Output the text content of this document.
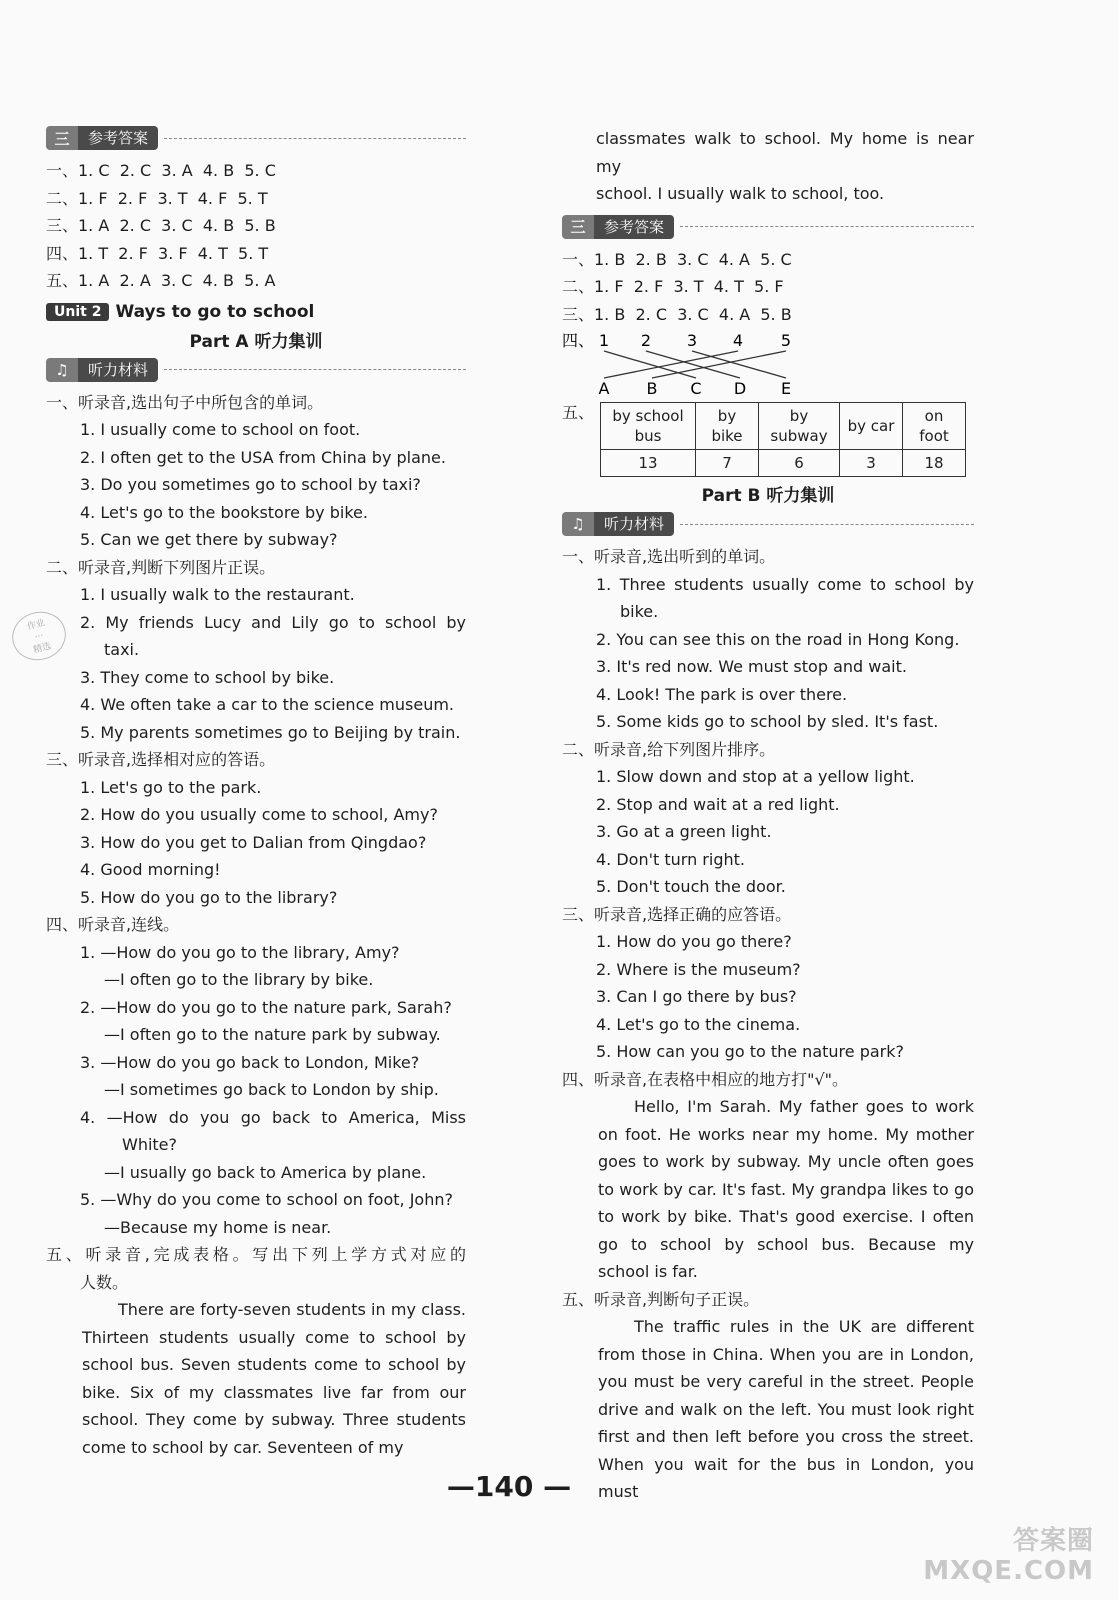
三	参考答案
一、1. C  2. C  3. A  4. B  5. C
二、1. F  2. F  3. T  4. F  5. T
三、1. A  2. C  3. C  4. B  5. B
四、1. T  2. F  3. F  4. T  5. T
五、1. A  2. A  3. C  4. B  5. A
Unit 2 Ways to go to school
Part A 听力集训
♫	听力材料
一、听录音,选出句子中所包含的单词。
1. I usually come to school on foot.
2. I often get to the USA from China by plane.
3. Do you sometimes go to school by taxi?
4. Let's go to the bookstore by bike.
5. Can we get there by subway?
二、听录音,判断下列图片正误。
1. I usually walk to the restaurant.
2. My friends Lucy and Lily go to school by
taxi.
3. They come to school by bike.
4. We often take a car to the science museum.
5. My parents sometimes go to Beijing by train.
三、听录音,选择相对应的答语。
1. Let's go to the park.
2. How do you usually come to school, Amy?
3. How do you get to Dalian from Qingdao?
4. Good morning!
5. How do you go to the library?
四、听录音,连线。
1. —How do you go to the library, Amy?
—I often go to the library by bike.
2. —How do you go to the nature park, Sarah?
—I often go to the nature park by subway.
3. —How do you go back to London, Mike?
—I sometimes go back to London by ship.
4. —How do you go back to America, Miss
White?
—I usually go back to America by plane.
5. —Why do you come to school on foot, John?
—Because my home is near.
五、听录音,完成表格。写出下列上学方式对应的
人数。
There are forty-seven students in my class. Thirteen students usually come to school by school bus. Seven students come to school by bike. Six of my classmates live far from our school. They come by subway. Three students come to school by car. Seventeen of my
classmates walk to school. My home is near my
school. I usually walk to school, too.
三	参考答案
一、1. B  2. B  3. C  4. A  5. C
二、1. F  2. F  3. T  4. T  5. F
三、1. B  2. C  3. C  4. A  5. B
四、 1 2 3 4 5
A B C D E
五、 by school bus	by bike	by subway	by car	on foot
13	7	6	3	18
Part B 听力集训
♫	听力材料
一、听录音,选出听到的单词。
1. Three students usually come to school by
bike.
2. You can see this on the road in Hong Kong.
3. It's red now. We must stop and wait.
4. Look! The park is over there.
5. Some kids go to school by sled. It's fast.
二、听录音,给下列图片排序。
1. Slow down and stop at a yellow light.
2. Stop and wait at a red light.
3. Go at a green light.
4. Don't turn right.
5. Don't touch the door.
三、听录音,选择正确的应答语。
1. How do you go there?
2. Where is the museum?
3. Can I go there by bus?
4. Let's go to the cinema.
5. How can you go to the nature park?
四、听录音,在表格中相应的地方打"√"。
Hello, I'm Sarah. My father goes to work on foot. He works near my home. My mother goes to work by subway. My uncle often goes to work by car. It's fast. My grandpa likes to go to work by bike. That's good exercise. I often go to school by school bus. Because my school is far.
五、听录音,判断句子正误。
The traffic rules in the UK are different from those in China. When you are in London, you must be very careful in the street. People drive and walk on the left. You must look right first and then left before you cross the street. When you wait for the bus in London, you must
作业
···
精选
—140 —
答案圈
MXQE.COM
